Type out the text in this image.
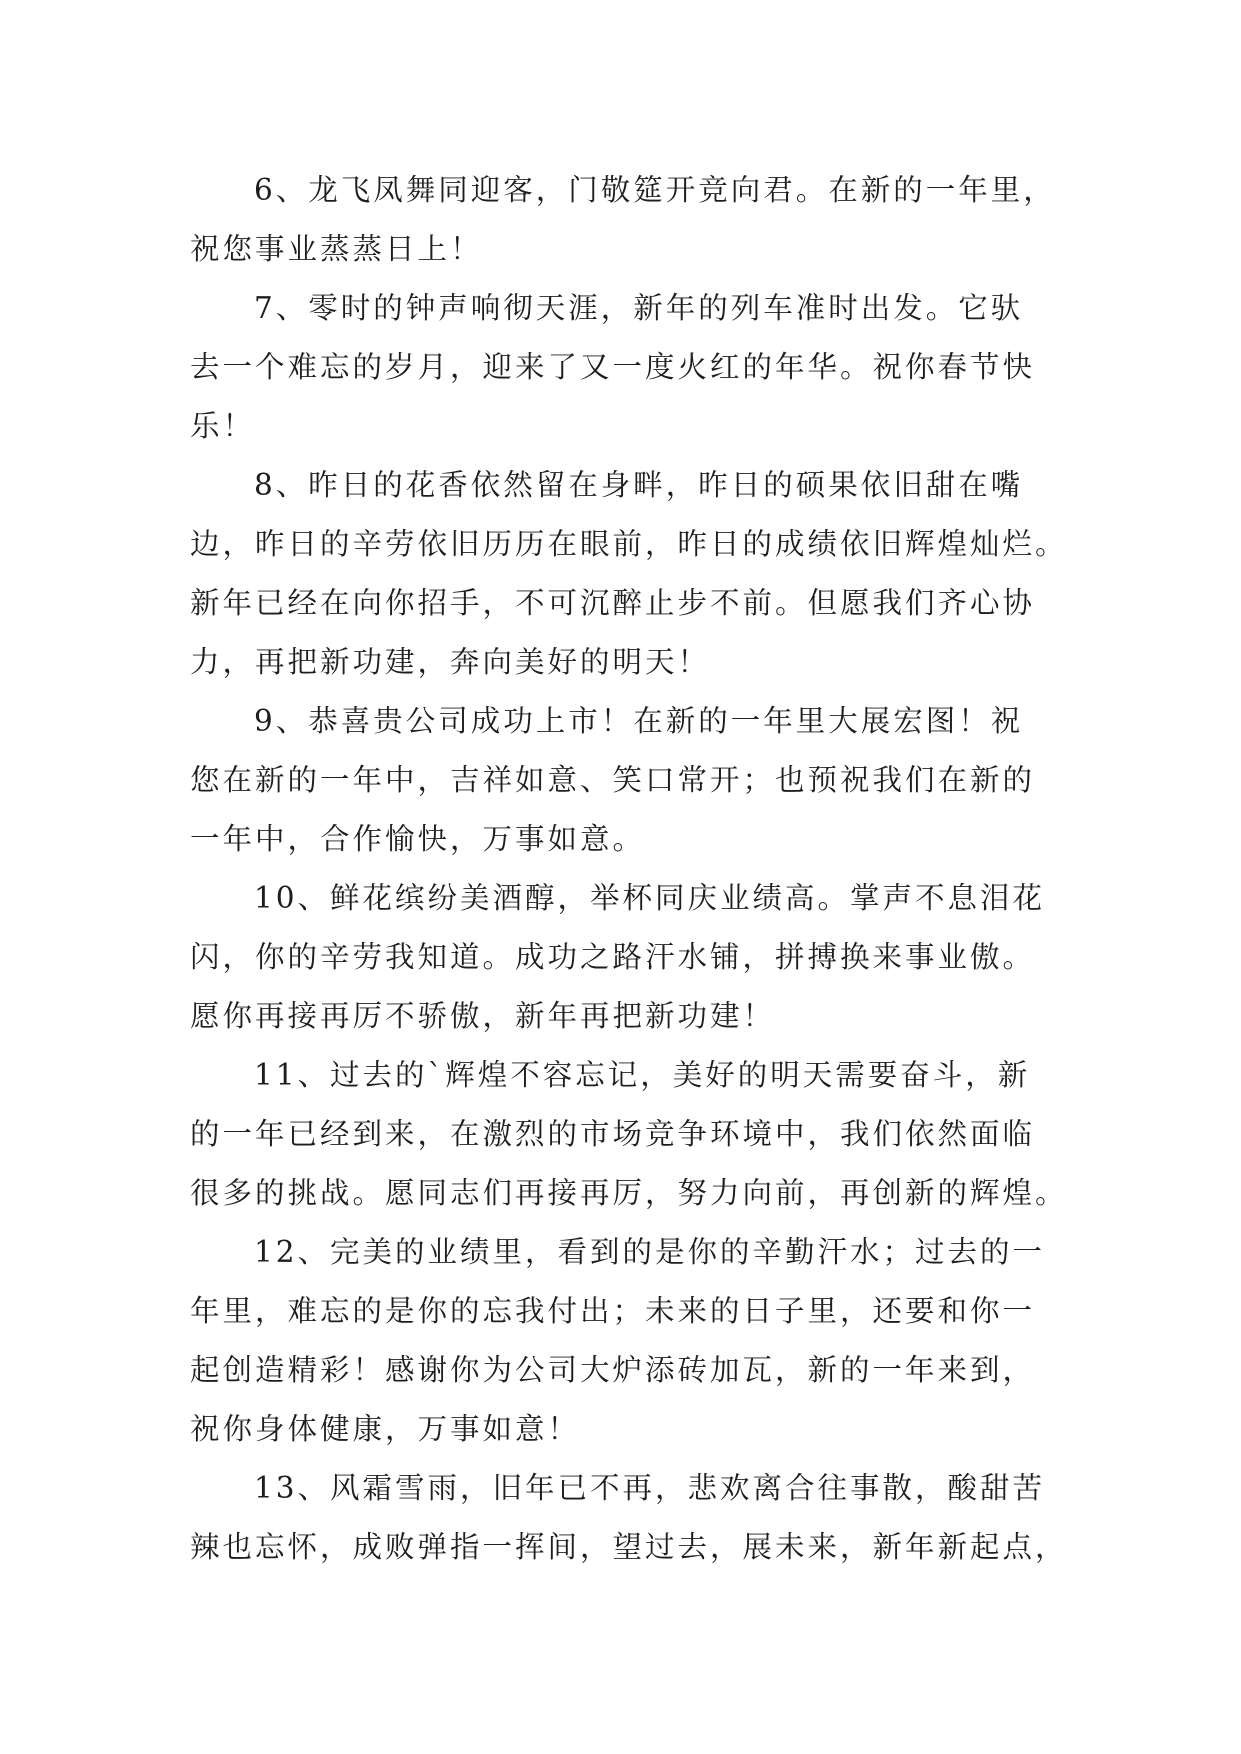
6、龙飞凤舞同迎客，门敬筵开竞向君。在新的一年里，
祝您事业蒸蒸日上！
7、零时的钟声响彻天涯，新年的列车准时出发。它驮
去一个难忘的岁月，迎来了又一度火红的年华。祝你春节快
乐！
8、昨日的花香依然留在身畔，昨日的硕果依旧甜在嘴
边，昨日的辛劳依旧历历在眼前，昨日的成绩依旧辉煌灿烂。
新年已经在向你招手，不可沉醉止步不前。但愿我们齐心协
力，再把新功建，奔向美好的明天！
9、恭喜贵公司成功上市！在新的一年里大展宏图！祝
您在新的一年中，吉祥如意、笑口常开；也预祝我们在新的
一年中，合作愉快，万事如意。
10、鲜花缤纷美酒醇，举杯同庆业绩高。掌声不息泪花
闪，你的辛劳我知道。成功之路汗水铺，拼搏换来事业傲。
愿你再接再厉不骄傲，新年再把新功建！
11、过去的`辉煌不容忘记，美好的明天需要奋斗，新
的一年已经到来，在激烈的市场竞争环境中，我们依然面临
很多的挑战。愿同志们再接再厉，努力向前，再创新的辉煌。
12、完美的业绩里，看到的是你的辛勤汗水；过去的一
年里，难忘的是你的忘我付出；未来的日子里，还要和你一
起创造精彩！感谢你为公司大炉添砖加瓦，新的一年来到，
祝你身体健康，万事如意！
13、风霜雪雨，旧年已不再，悲欢离合往事散，酸甜苦
辣也忘怀，成败弹指一挥间，望过去，展未来，新年新起点，
